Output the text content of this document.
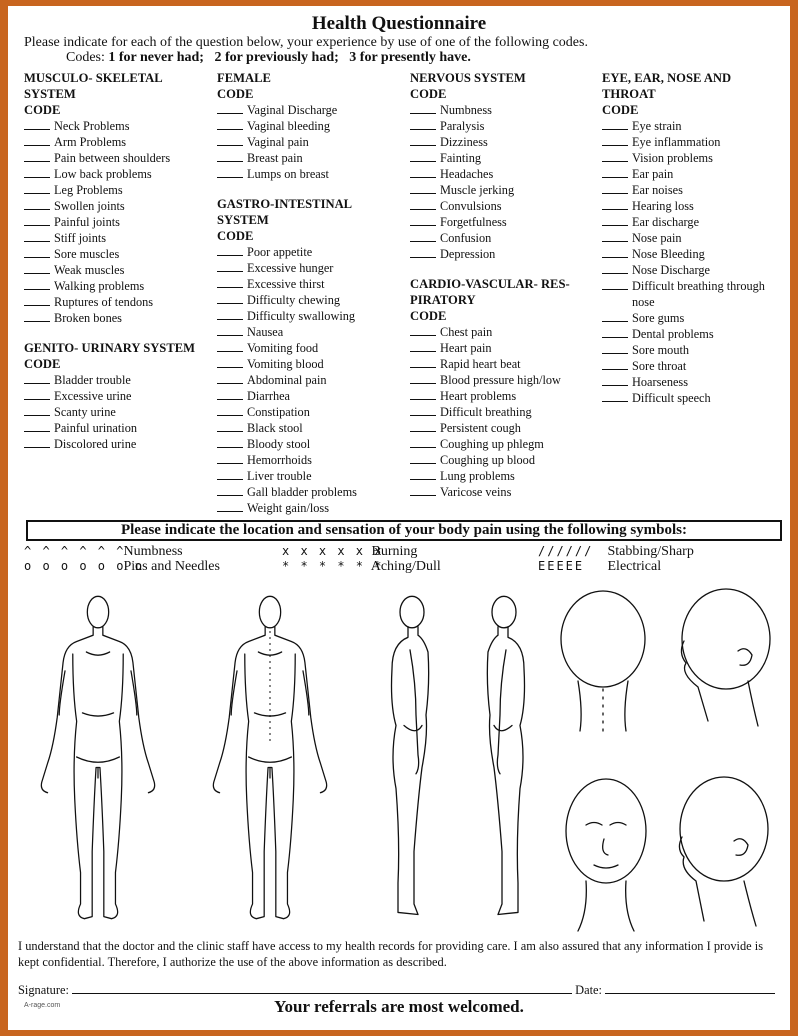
Health Questionnaire
Please indicate for each of the question below, your experience by use of one of the following codes.
Codes: 1 for never had; 2 for previously had; 3 for presently have.
MUSCULO- SKELETAL
SYSTEM
CODE
Neck Problems
Arm Problems
Pain between shoulders
Low back problems
Leg Problems
Swollen joints
Painful joints
Stiff joints
Sore muscles
Weak muscles
Walking problems
Ruptures of tendons
Broken bones
GENITO- URINARY SYSTEM
CODE
Bladder trouble
Excessive urine
Scanty urine
Painful urination
Discolored urine
FEMALE
CODE
Vaginal Discharge
Vaginal bleeding
Vaginal pain
Breast pain
Lumps on breast
GASTRO-INTESTINAL
SYSTEM
CODE
Poor appetite
Excessive hunger
Excessive thirst
Difficulty chewing
Difficulty swallowing
Nausea
Vomiting food
Vomiting blood
Abdominal pain
Diarrhea
Constipation
Black stool
Bloody stool
Hemorrhoids
Liver trouble
Gall bladder problems
Weight gain/loss
NERVOUS SYSTEM
CODE
Numbness
Paralysis
Dizziness
Fainting
Headaches
Muscle jerking
Convulsions
Forgetfulness
Confusion
Depression
CARDIO-VASCULAR- RES-
PIRATORY
CODE
Chest pain
Heart pain
Rapid heart beat
Blood pressure high/low
Heart problems
Difficult breathing
Persistent cough
Coughing up phlegm
Coughing up blood
Lung problems
Varicose veins
EYE, EAR, NOSE AND
THROAT
CODE
Eye strain
Eye inflammation
Vision problems
Ear pain
Ear noises
Hearing loss
Ear discharge
Nose pain
Nose Bleeding
Nose Discharge
Difficult breathing through
nose
Sore gums
Dental problems
Sore mouth
Sore throat
Hoarseness
Difficult speech
Please indicate the location and sensation of your body pain using the following symbols:
^ ^ ^ ^ ^ ^ Numbness
o o o o o o o Pins and Needles
x x x x x x Burning
* * * * * * Aching/Dull
////// Stabbing/Sharp
EEEEE Electrical
I understand that the doctor and the clinic staff have access to my health records for providing care. I am also assured that any information I provide is kept confidential. Therefore, I authorize the use of the above information as described.
Signature:	Date:
Your referrals are most welcomed.
A-rage.com
